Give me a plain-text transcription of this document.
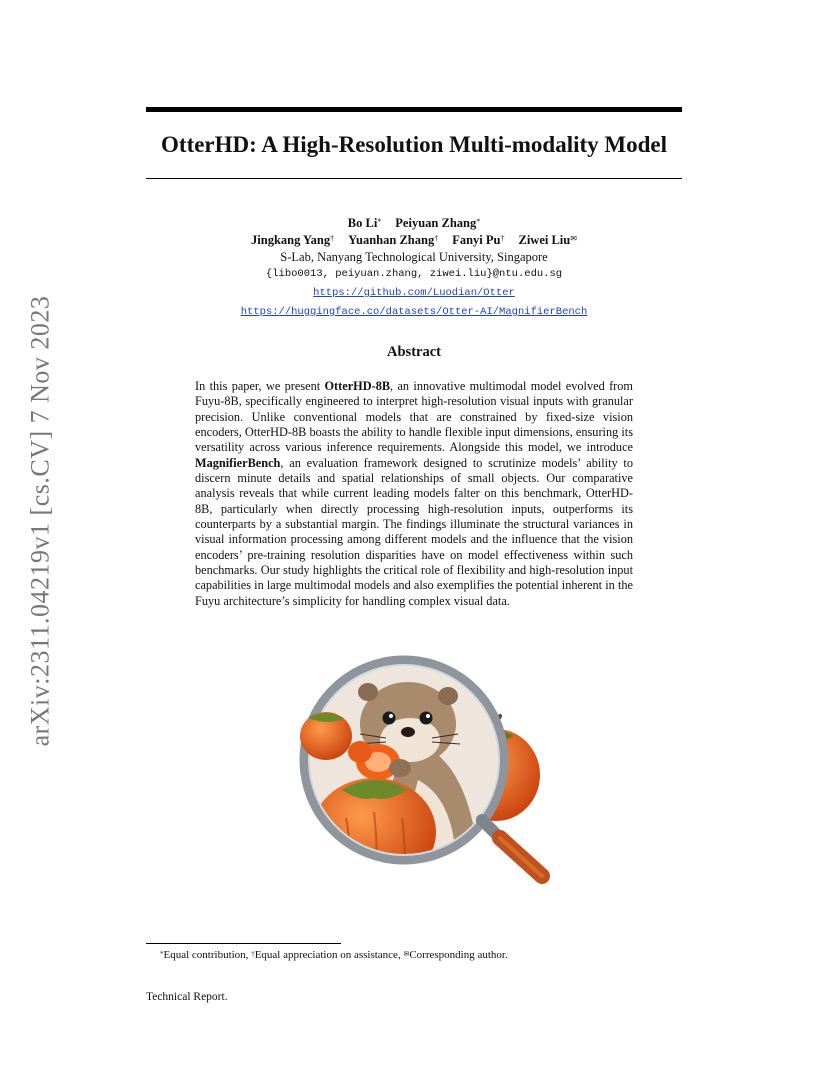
arXiv:2311.04219v1 [cs.CV] 7 Nov 2023
OtterHD: A High-Resolution Multi-modality Model
Bo Li* Peiyuan Zhang*
Jingkang Yang† Yuanhan Zhang† Fanyi Pu† Ziwei Liu✉
S-Lab, Nanyang Technological University, Singapore
{libo0013, peiyuan.zhang, ziwei.liu}@ntu.edu.sg
https://github.com/Luodian/Otter
https://huggingface.co/datasets/Otter-AI/MagnifierBench
Abstract

In this paper, we present OtterHD-8B, an innovative multimodal model evolved from Fuyu-8B, specifically engineered to interpret high-resolution visual inputs with granular precision. Unlike conventional models that are constrained by fixed-size vision encoders, OtterHD-8B boasts the ability to handle flexible input dimensions, ensuring its versatility across various inference requirements. Alongside this model, we introduce MagnifierBench, an evaluation framework designed to scrutinize models’ ability to discern minute details and spatial relationships of small objects. Our comparative analysis reveals that while current leading models falter on this benchmark, OtterHD-8B, particularly when directly processing high-resolution inputs, outperforms its counterparts by a substantial margin. The findings illuminate the structural variances in visual information processing among different models and the influence that the vision encoders’ pre-training resolution disparities have on model effectiveness within such benchmarks. Our study highlights the critical role of flexibility and high-resolution input capabilities in large multimodal models and also exemplifies the potential inherent in the Fuyu architecture’s simplicity for handling complex visual data.

*Equal contribution, †Equal appreciation on assistance, ✉Corresponding author.
Technical Report.
